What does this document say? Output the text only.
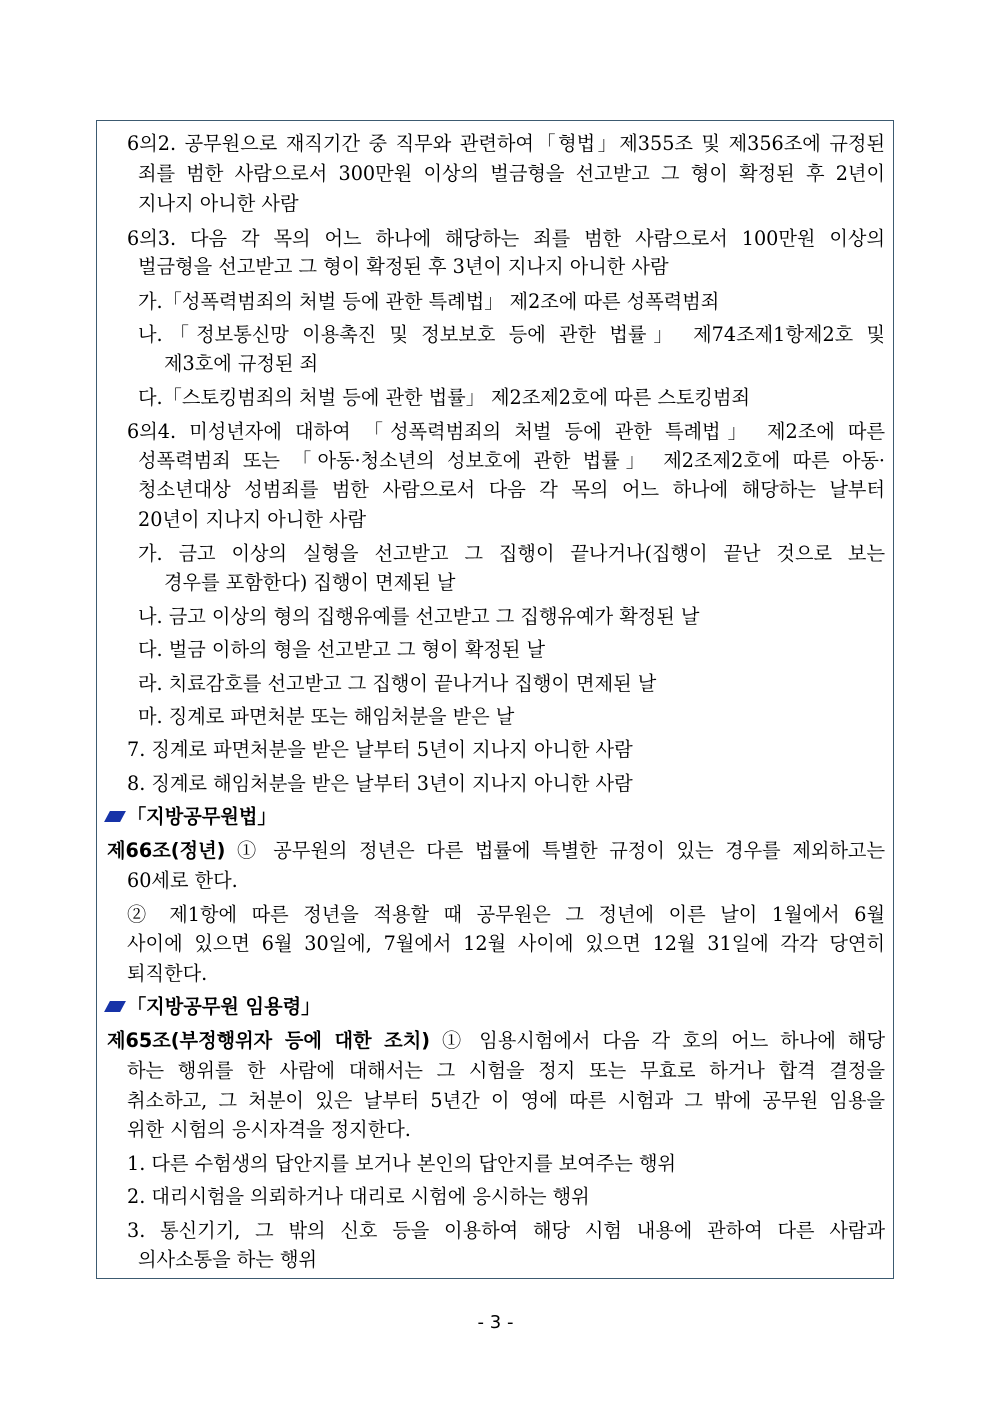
6의2. 공무원으로 재직기간 중 직무와 관련하여「형법」제355조 및 제356조에 규정된
죄를 범한 사람으로서 300만원 이상의 벌금형을 선고받고 그 형이 확정된 후 2년이
지나지 아니한 사람
6의3. 다음 각 목의 어느 하나에 해당하는 죄를 범한 사람으로서 100만원 이상의
벌금형을 선고받고 그 형이 확정된 후 3년이 지나지 아니한 사람
가.「성폭력범죄의 처벌 등에 관한 특례법」 제2조에 따른 성폭력범죄
나.「정보통신망 이용촉진 및 정보보호 등에 관한 법률」 제74조제1항제2호 및
제3호에 규정된 죄
다.「스토킹범죄의 처벌 등에 관한 법률」 제2조제2호에 따른 스토킹범죄
6의4. 미성년자에 대하여 「성폭력범죄의 처벌 등에 관한 특례법」 제2조에 따른
성폭력범죄 또는 「아동·청소년의 성보호에 관한 법률」 제2조제2호에 따른 아동·
청소년대상 성범죄를 범한 사람으로서 다음 각 목의 어느 하나에 해당하는 날부터
20년이 지나지 아니한 사람
가. 금고 이상의 실형을 선고받고 그 집행이 끝나거나(집행이 끝난 것으로 보는
경우를 포함한다) 집행이 면제된 날
나. 금고 이상의 형의 집행유예를 선고받고 그 집행유예가 확정된 날
다. 벌금 이하의 형을 선고받고 그 형이 확정된 날
라. 치료감호를 선고받고 그 집행이 끝나거나 집행이 면제된 날
마. 징계로 파면처분 또는 해임처분을 받은 날
7. 징계로 파면처분을 받은 날부터 5년이 지나지 아니한 사람
8. 징계로 해임처분을 받은 날부터 3년이 지나지 아니한 사람
「지방공무원법」
제66조(정년) ① 공무원의 정년은 다른 법률에 특별한 규정이 있는 경우를 제외하고는
60세로 한다.
② 제1항에 따른 정년을 적용할 때 공무원은 그 정년에 이른 날이 1월에서 6월
사이에 있으면 6월 30일에, 7월에서 12월 사이에 있으면 12월 31일에 각각 당연히
퇴직한다.
「지방공무원 임용령」
제65조(부정행위자 등에 대한 조치) ① 임용시험에서 다음 각 호의 어느 하나에 해당
하는 행위를 한 사람에 대해서는 그 시험을 정지 또는 무효로 하거나 합격 결정을
취소하고, 그 처분이 있은 날부터 5년간 이 영에 따른 시험과 그 밖에 공무원 임용을
위한 시험의 응시자격을 정지한다.
1. 다른 수험생의 답안지를 보거나 본인의 답안지를 보여주는 행위
2. 대리시험을 의뢰하거나 대리로 시험에 응시하는 행위
3. 통신기기, 그 밖의 신호 등을 이용하여 해당 시험 내용에 관하여 다른 사람과
의사소통을 하는 행위
- 3 -
